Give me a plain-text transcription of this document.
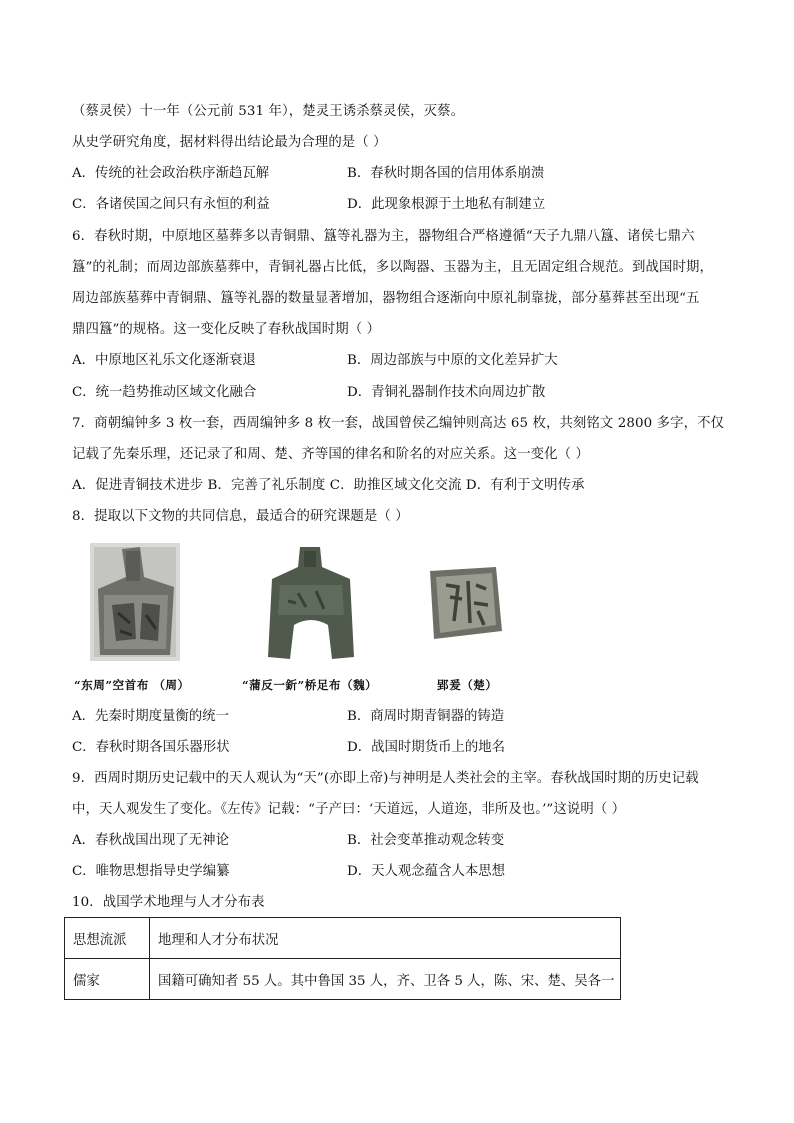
（蔡灵侯）十一年（公元前 531 年），楚灵王诱杀蔡灵侯，灭蔡。
从史学研究角度，据材料得出结论最为合理的是（ ）
A．传统的社会政治秩序渐趋瓦解	B．春秋时期各国的信用体系崩溃
C．各诸侯国之间只有永恒的利益	D．此现象根源于土地私有制建立
6．春秋时期，中原地区墓葬多以青铜鼎、簋等礼器为主，器物组合严格遵循“天子九鼎八簋、诸侯七鼎六
簋”的礼制；而周边部族墓葬中，青铜礼器占比低，多以陶器、玉器为主，且无固定组合规范。到战国时期，
周边部族墓葬中青铜鼎、簋等礼器的数量显著增加，器物组合逐渐向中原礼制靠拢，部分墓葬甚至出现“五
鼎四簋”的规格。这一变化反映了春秋战国时期（ ）
A．中原地区礼乐文化逐渐衰退	B．周边部族与中原的文化差异扩大
C．统一趋势推动区域文化融合	D．青铜礼器制作技术向周边扩散
7．商朝编钟多 3 枚一套，西周编钟多 8 枚一套，战国曾侯乙编钟则高达 65 枚，共刻铭文 2800 多字，不仅
记载了先秦乐理，还记录了和周、楚、齐等国的律名和阶名的对应关系。这一变化（ ）
A．促进青铜技术进步 B．完善了礼乐制度 C．助推区域文化交流 D．有利于文明传承
8．提取以下文物的共同信息，最适合的研究课题是（ ）
“东周”空首布 （周）	“蒲反一釿”桥足布（魏）	郢爰（楚）
A．先秦时期度量衡的统一	B．商周时期青铜器的铸造
C．春秋时期各国乐器形状	D．战国时期货币上的地名
9．西周时期历史记载中的天人观认为“天”(亦即上帝)与神明是人类社会的主宰。春秋战国时期的历史记载
中，天人观发生了变化。《左传》记载：“子产曰：‘天道远，人道迩，非所及也。’”这说明（ ）
A．春秋战国出现了无神论	B．社会变革推动观念转变
C．唯物思想指导史学编纂	D．天人观念蕴含人本思想
10．战国学术地理与人才分布表
思想流派	地理和人才分布状况
儒家	国籍可确知者 55 人。其中鲁国 35 人，齐、卫各 5 人，陈、宋、楚、吴各一
